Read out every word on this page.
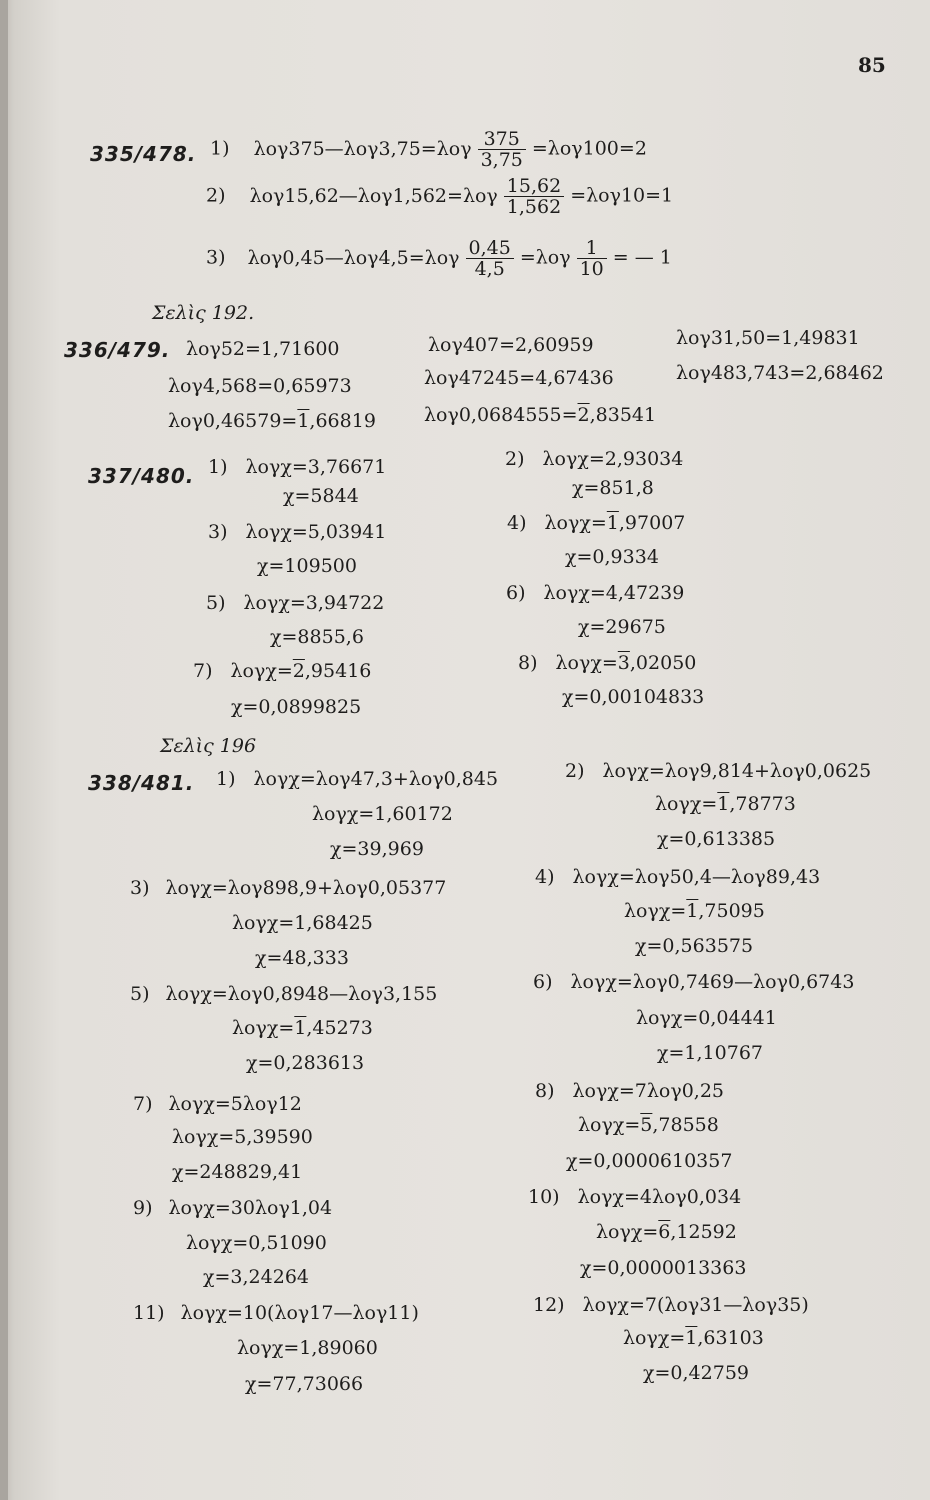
85
335/478. 1) λογ375—λογ3,75=λογ $\frac{375}{3,75} =\lambda o\gamma 100=2$
2) λογ15,62—λογ1,562=λογ $\frac{15,62}{1,562} =\lambda o\gamma 10=1$
3) λογ0,45—λογ4,5=λογ $\frac{0,45}{4,5} =\lambda o\gamma \frac{1}{10}$ = — 1
Σελὶς 192.
336/479. λογ52=1,71600
λογ4,568=0,65973
λογ0,46579=1,66819
λογ407=2,60959
λογ47245=4,67436
λογ0,0684555=2,83541
λογ31,50=1,49831
λογ483,743=2,68462
337/480. 1) λογχ=3,76671
χ=5844
3) λογχ=5,03941
χ=109500
5) λογχ=3,94722
χ=8855,6
7) λογχ=2,95416
χ=0,0899825
2) λογχ=2,93034
χ=851,8
4) λογχ=1,97007
χ=0,9334
6) λογχ=4,47239
χ=29675
8) λογχ=3,02050
χ=0,00104833
Σελὶς 196
338/481. 1) λογχ=λογ47,3+λογ0,845
λογχ=1,60172
χ=39,969
3) λογχ=λογ898,9+λογ0,05377
λογχ=1,68425
χ=48,333
5) λογχ=λογ0,8948—λογ3,155
λογχ=1,45273
χ=0,283613
7) λογχ=5λογ12
λογχ=5,39590
χ=248829,41
9) λογχ=30λογ1,04
λογχ=0,51090
χ=3,24264
11) λογχ=10(λογ17—λογ11)
λογχ=1,89060
χ=77,73066
2) λογχ=λογ9,814+λογ0,0625
λογχ=1,78773
χ=0,613385
4) λογχ=λογ50,4—λογ89,43
λογχ=1,75095
χ=0,563575
6) λογχ=λογ0,7469—λογ0,6743
λογχ=0,04441
χ=1,10767
8) λογχ=7λογ0,25
λογχ=5,78558
χ=0,0000610357
10) λογχ=4λογ0,034
λογχ=6,12592
χ=0,0000013363
12) λογχ=7(λογ31—λογ35)
λογχ=1,63103
χ=0,42759
